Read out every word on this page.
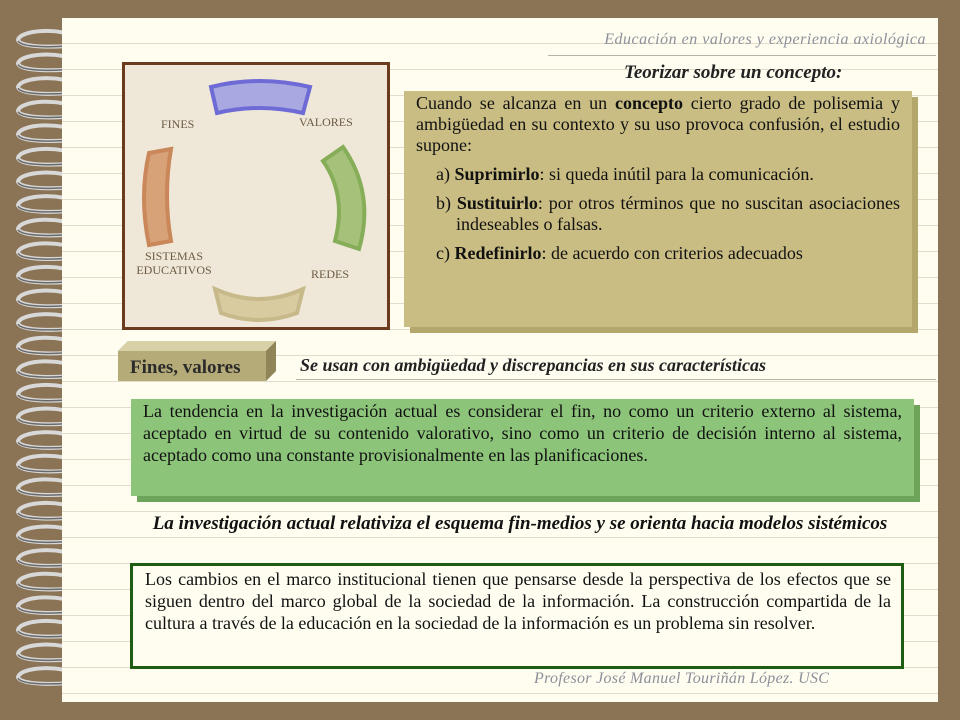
Educación en valores y experiencia axiológica
Teorizar sobre un concepto:
FINES	VALORES
SISTEMAS
EDUCATIVOS	REDES

Cuando se alcanza en un concepto cierto grado de polisemia y ambigüedad en su contexto y su uso provoca confusión, el estudio supone:

a) Suprimirlo: si queda inútil para la comunicación.

b) Sustituirlo: por otros términos que no suscitan asociaciones indeseables o falsas.

c) Redefinirlo: de acuerdo con criterios adecuados

Fines, valores	Se usan con ambigüedad y discrepancias en sus características
La tendencia en la investigación actual es considerar el fin, no como un criterio externo al sistema, aceptado en virtud de su contenido valorativo, sino como un criterio de decisión interno al sistema, aceptado como una constante provisionalmente en las planificaciones.
La investigación actual relativiza el esquema fin-medios y se orienta hacia modelos sistémicos
Los cambios en el marco institucional tienen que pensarse desde la perspectiva de los efectos que se siguen dentro del marco global de la sociedad de la información. La construcción compartida de la cultura a través de la educación en la sociedad de la información es un problema sin resolver.
Profesor José Manuel Touriñán López. USC
